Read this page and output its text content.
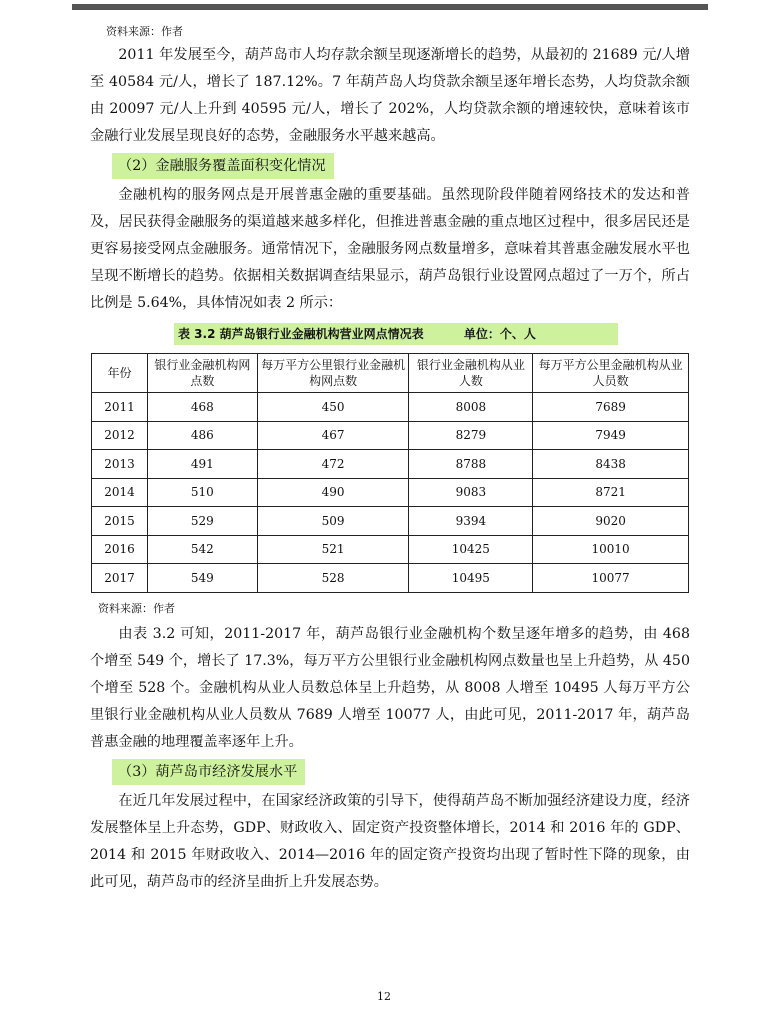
资料来源：作者

2011 年发展至今，葫芦岛市人均存款余额呈现逐渐增长的趋势，从最初的 21689 元/人增至 40584 元/人，增长了 187.12%。7 年葫芦岛人均贷款余额呈逐年增长态势，人均贷款余额由 20097 元/人上升到 40595 元/人，增长了 202%，人均贷款余额的增速较快，意味着该市金融行业发展呈现良好的态势，金融服务水平越来越高。

（2）金融服务覆盖面积变化情况

金融机构的服务网点是开展普惠金融的重要基础。虽然现阶段伴随着网络技术的发达和普及，居民获得金融服务的渠道越来越多样化，但推进普惠金融的重点地区过程中，很多居民还是更容易接受网点金融服务。通常情况下，金融服务网点数量增多，意味着其普惠金融发展水平也呈现不断增长的趋势。依据相关数据调查结果显示，葫芦岛银行业设置网点超过了一万个，所占比例是 5.64%，具体情况如表 2 所示：

表 3.2 葫芦岛银行业金融机构营业网点情况表	单位：个、人
年份	银行业金融机构网点数	每万平方公里银行业金融机构网点数	银行业金融机构从业人数	每万平方公里金融机构从业人员数
2011	468	450	8008	7689
2012	486	467	8279	7949
2013	491	472	8788	8438
2014	510	490	9083	8721
2015	529	509	9394	9020
2016	542	521	10425	10010
2017	549	528	10495	10077
资料来源：作者

由表 3.2 可知，2011-2017 年，葫芦岛银行业金融机构个数呈逐年增多的趋势，由 468 个增至 549 个，增长了 17.3%，每万平方公里银行业金融机构网点数量也呈上升趋势，从 450 个增至 528 个。金融机构从业人员数总体呈上升趋势，从 8008 人增至 10495 人每万平方公里银行业金融机构从业人员数从 7689 人增至 10077 人，由此可见，2011-2017 年，葫芦岛普惠金融的地理覆盖率逐年上升。

（3）葫芦岛市经济发展水平

在近几年发展过程中，在国家经济政策的引导下，使得葫芦岛不断加强经济建设力度，经济发展整体呈上升态势，GDP、财政收入、固定资产投资整体增长，2014 和 2016 年的 GDP、2014 和 2015 年财政收入、2014—2016 年的固定资产投资均出现了暂时性下降的现象，由此可见，葫芦岛市的经济呈曲折上升发展态势。

12
